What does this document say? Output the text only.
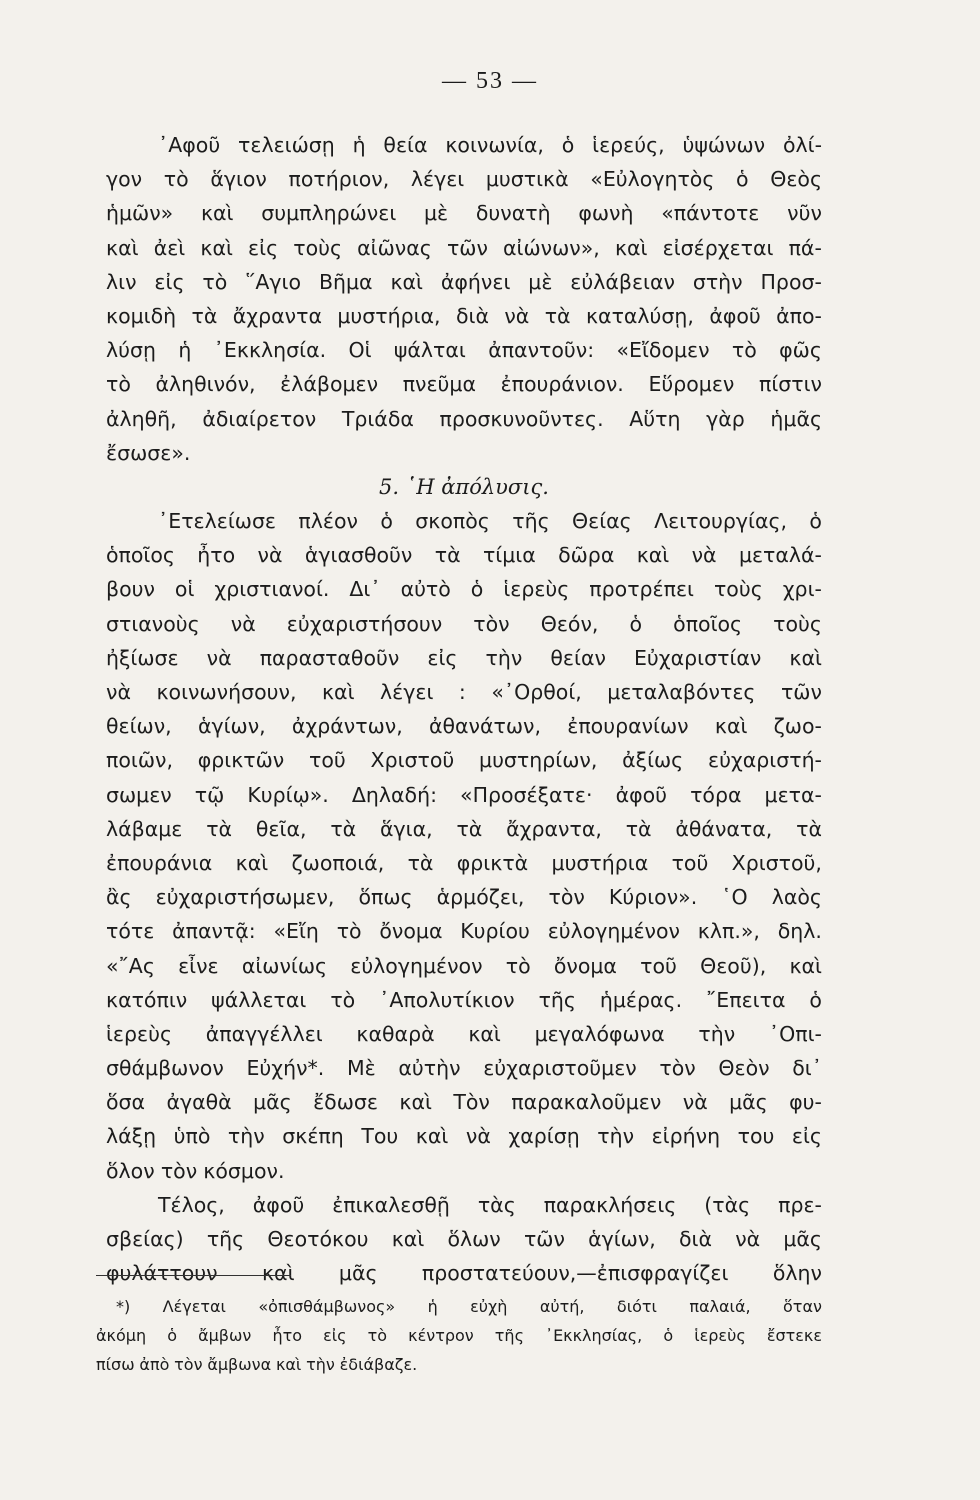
— 53 —
᾿Αφοῦ τελειώσῃ ἡ θεία κοινωνία, ὁ ἱερεύς, ὑψώνων ὀλί-
γον τὸ ἅγιον ποτήριον, λέγει μυστικὰ «Εὐλογητὸς ὁ Θεὸς
ἡμῶν» καὶ συμπληρώνει μὲ δυνατὴ φωνὴ «πάντοτε νῦν
καὶ ἀεὶ καὶ εἰς τοὺς αἰῶνας τῶν αἰώνων», καὶ εἰσέρχεται πά-
λιν εἰς τὸ ῞Αγιο Βῆμα καὶ ἀφήνει μὲ εὐλάβειαν στὴν Προσ-
κομιδὴ τὰ ἄχραντα μυστήρια, διὰ νὰ τὰ καταλύσῃ, ἀφοῦ ἀπο-
λύσῃ ἡ ᾿Εκκλησία. Οἱ ψάλται ἀπαντοῦν: «Εἴδομεν τὸ φῶς
τὸ ἀληθινόν, ἐλάβομεν πνεῦμα ἐπουράνιον. Εὕρομεν πίστιν
ἀληθῆ, ἀδιαίρετον Τριάδα προσκυνοῦντες. Αὕτη γὰρ ἡμᾶς
ἔσωσε».
5. ῾Η ἀπόλυσις.
᾿Ετελείωσε πλέον ὁ σκοπὸς τῆς Θείας Λειτουργίας, ὁ
ὁποῖος ἦτο νὰ ἁγιασθοῦν τὰ τίμια δῶρα καὶ νὰ μεταλά-
βουν οἱ χριστιανοί. Δι᾿ αὐτὸ ὁ ἱερεὺς προτρέπει τοὺς χρι-
στιανοὺς νὰ εὐχαριστήσουν τὸν Θεόν, ὁ ὁποῖος τοὺς
ἠξίωσε νὰ παρασταθοῦν εἰς τὴν θείαν Εὐχαριστίαν καὶ
νὰ κοινωνήσουν, καὶ λέγει : «᾿Ορθοί, μεταλαβόντες τῶν
θείων, ἁγίων, ἀχράντων, ἀθανάτων, ἐπουρανίων καὶ ζωο-
ποιῶν, φρικτῶν τοῦ Χριστοῦ μυστηρίων, ἀξίως εὐχαριστή-
σωμεν τῷ Κυρίῳ». Δηλαδή: «Προσέξατε· ἀφοῦ τόρα μετα-
λάβαμε τὰ θεῖα, τὰ ἅγια, τὰ ἄχραντα, τὰ ἀθάνατα, τὰ
ἐπουράνια καὶ ζωοποιά, τὰ φρικτὰ μυστήρια τοῦ Χριστοῦ,
ἂς εὐχαριστήσωμεν, ὅπως ἁρμόζει, τὸν Κύριον». ῾Ο λαὸς
τότε ἀπαντᾷ: «Εἴη τὸ ὄνομα Κυρίου εὐλογημένον κλπ.», δηλ.
«῎Ας εἶνε αἰωνίως εὐλογημένον τὸ ὄνομα τοῦ Θεοῦ), καὶ
κατόπιν ψάλλεται τὸ ᾿Απολυτίκιον τῆς ἡμέρας. ῎Επειτα ὁ
ἱερεὺς ἀπαγγέλλει καθαρὰ καὶ μεγαλόφωνα τὴν ᾿Οπι-
σθάμβωνον Εὐχήν*. Μὲ αὐτὴν εὐχαριστοῦμεν τὸν Θεὸν δι᾿
ὅσα ἀγαθὰ μᾶς ἔδωσε καὶ Τὸν παρακαλοῦμεν νὰ μᾶς φυ-
λάξῃ ὑπὸ τὴν σκέπη Του καὶ νὰ χαρίσῃ τὴν εἰρήνη του εἰς
ὅλον τὸν κόσμον.
Τέλος, ἀφοῦ ἐπικαλεσθῇ τὰς παρακλήσεις (τὰς πρε-
σβείας) τῆς Θεοτόκου καὶ ὅλων τῶν ἁγίων, διὰ νὰ μᾶς
φυλάττουν καὶ μᾶς προστατεύουν,—ἐπισφραγίζει ὅλην
*) Λέγεται «ὀπισθάμβωνος» ἡ εὐχὴ αὐτή, διότι παλαιά, ὅταν
ἀκόμη ὁ ἄμβων ἦτο εἰς τὸ κέντρον τῆς ᾿Εκκλησίας, ὁ ἱερεὺς ἔστεκε
πίσω ἀπὸ τὸν ἄμβωνα καὶ τὴν ἐδιάβαζε.
